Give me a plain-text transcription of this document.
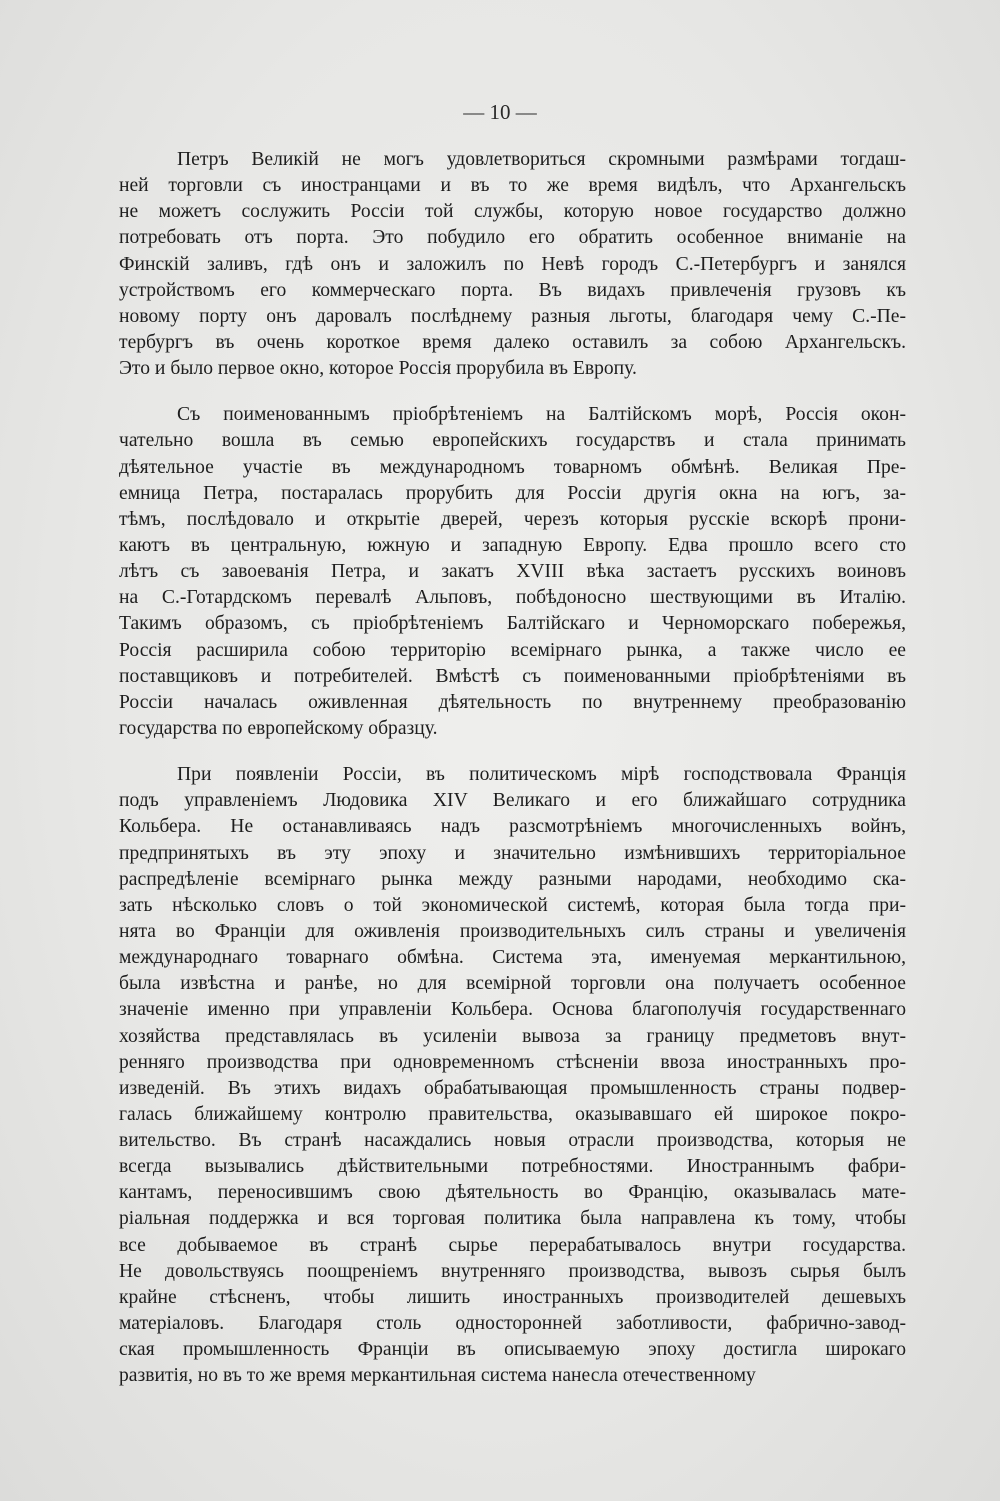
— 10 —
Петръ Великій не могъ удовлетвориться скромными размѣрами тогдаш-
ней торговли съ иностранцами и въ то же время видѣлъ, что Архангельскъ
не можетъ сослужить Россіи той службы, которую новое государство должно
потребовать отъ порта. Это побудило его обратить особенное вниманіе на
Финскій заливъ, гдѣ онъ и заложилъ по Невѣ городъ С.-Петербургъ и занялся
устройствомъ его коммерческаго порта. Въ видахъ привлеченія грузовъ къ
новому порту онъ даровалъ послѣднему разныя льготы, благодаря чему С.-Пе-
тербургъ въ очень короткое время далеко оставилъ за собою Архангельскъ.
Это и было первое окно, которое Россія прорубила въ Европу.
Съ поименованнымъ пріобрѣтеніемъ на Балтійскомъ морѣ, Россія окон-
чательно вошла въ семью европейскихъ государствъ и стала принимать
дѣятельное участіе въ международномъ товарномъ обмѣнѣ. Великая Пре-
емница Петра, постаралась прорубить для Россіи другія окна на югъ, за-
тѣмъ, послѣдовало и открытіе дверей, черезъ которыя русскіе вскорѣ прони-
каютъ въ центральную, южную и западную Европу. Едва прошло всего сто
лѣтъ съ завоеванія Петра, и закатъ XVIII вѣка застаетъ русскихъ воиновъ
на С.-Готардскомъ перевалѣ Альповъ, побѣдоносно шествующими въ Италію.
Такимъ образомъ, съ пріобрѣтеніемъ Балтійскаго и Черноморскаго побережья,
Россія расширила собою территорію всемірнаго рынка, а также число ее
поставщиковъ и потребителей. Вмѣстѣ съ поименованными пріобрѣтеніями въ
Россіи началась оживленная дѣятельность по внутреннему преобразованію
государства по европейскому образцу.
При появленіи Россіи, въ политическомъ мірѣ господствовала Франція
подъ управленіемъ Людовика XIV Великаго и его ближайшаго сотрудника
Кольбера. Не останавливаясь надъ разсмотрѣніемъ многочисленныхъ войнъ,
предпринятыхъ въ эту эпоху и значительно измѣнившихъ территоріальное
распредѣленіе всемірнаго рынка между разными народами, необходимо ска-
зать нѣсколько словъ о той экономической системѣ, которая была тогда при-
нята во Франціи для оживленія производительныхъ силъ страны и увеличенія
международнаго товарнаго обмѣна. Система эта, именуемая меркантильною,
была извѣстна и ранѣе, но для всемірной торговли она получаетъ особенное
значеніе именно при управленіи Кольбера. Основа благополучія государственнаго
хозяйства представлялась въ усиленіи вывоза за границу предметовъ внут-
ренняго производства при одновременномъ стѣсненіи ввоза иностранныхъ про-
изведеній. Въ этихъ видахъ обрабатывающая промышленность страны подвер-
галась ближайшему контролю правительства, оказывавшаго ей широкое покро-
вительство. Въ странѣ насаждались новыя отрасли производства, которыя не
всегда вызывались дѣйствительными потребностями. Иностраннымъ фабри-
кантамъ, переносившимъ свою дѣятельность во Францію, оказывалась мате-
ріальная поддержка и вся торговая политика была направлена къ тому, чтобы
все добываемое въ странѣ сырье перерабатывалось внутри государства.
Не довольствуясь поощреніемъ внутренняго производства, вывозъ сырья былъ
крайне стѣсненъ, чтобы лишить иностранныхъ производителей дешевыхъ
матеріаловъ. Благодаря столь односторонней заботливости, фабрично-завод-
ская промышленность Франціи въ описываемую эпоху достигла широкаго
развитія, но въ то же время меркантильная система нанесла отечественному
